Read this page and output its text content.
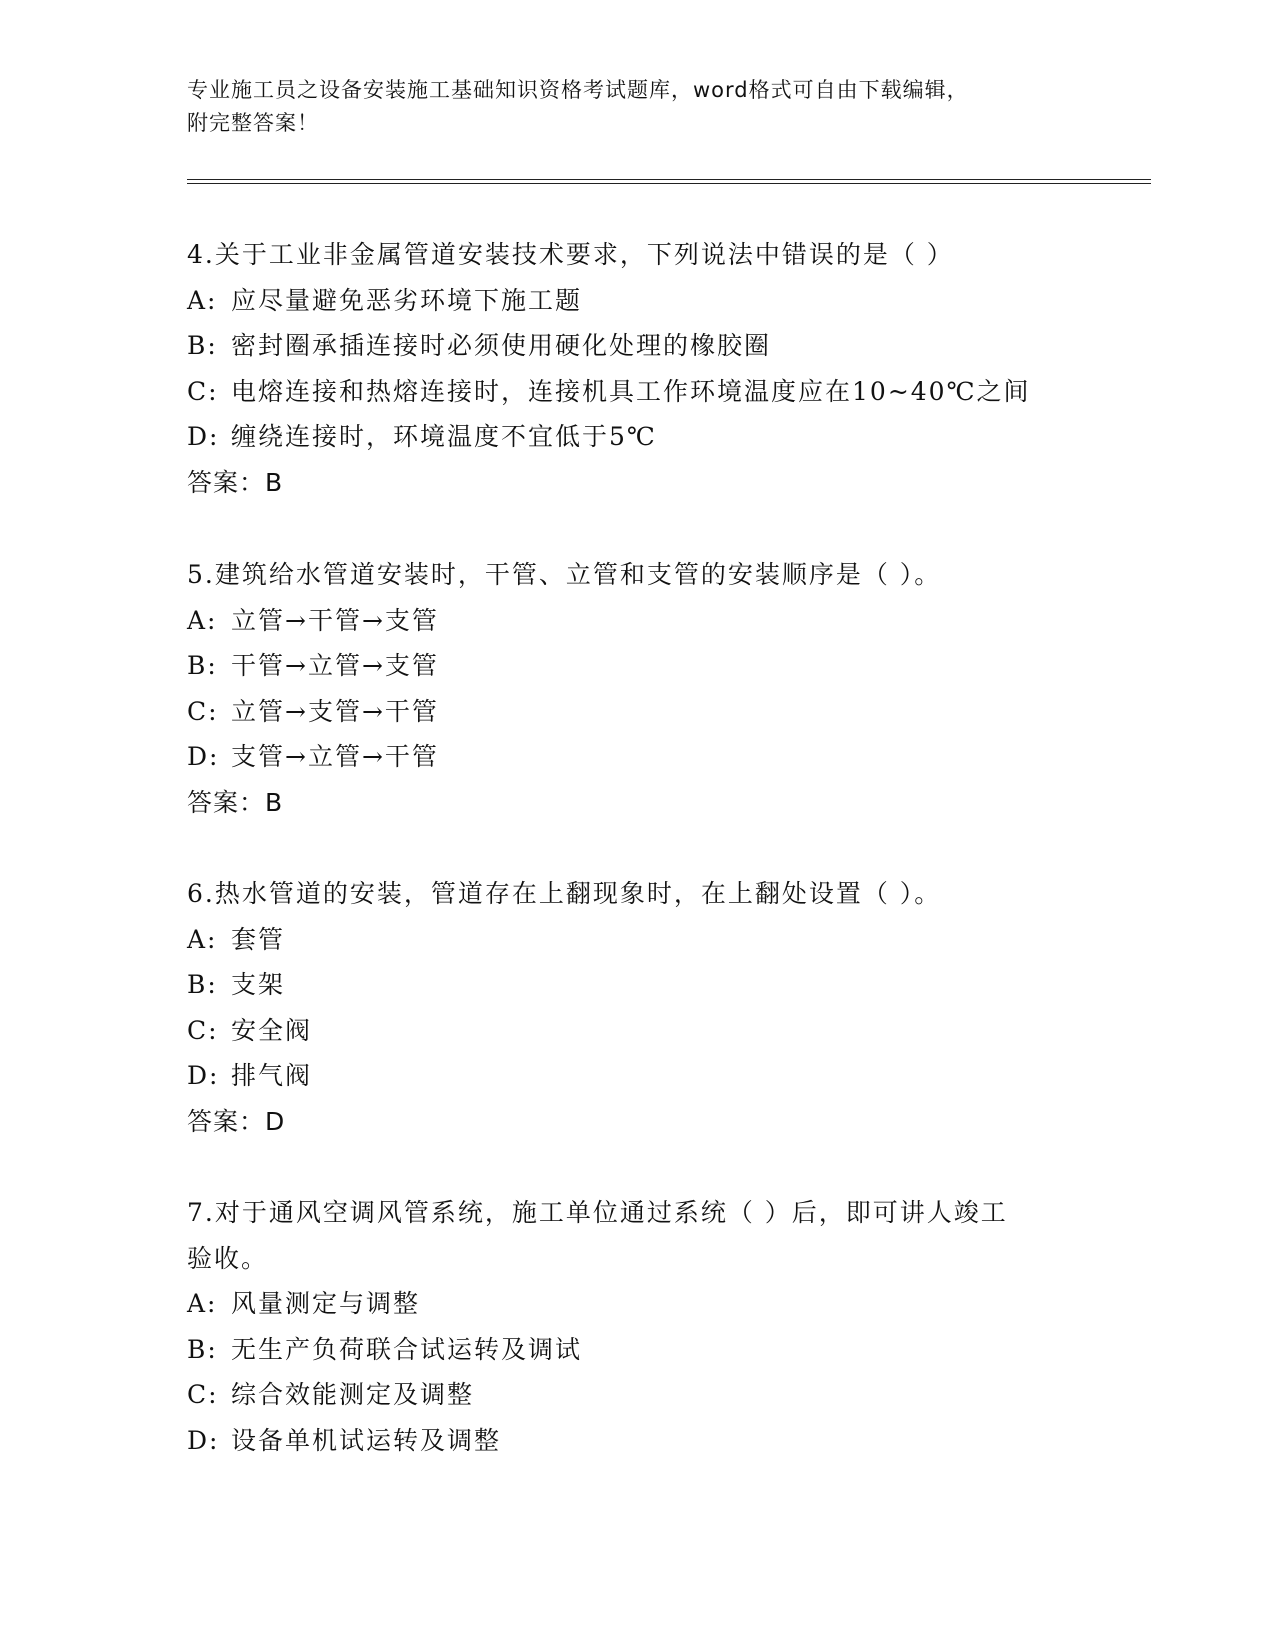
专业施工员之设备安装施工基础知识资格考试题库，word格式可自由下载编辑，
附完整答案！
4.关于工业非金属管道安装技术要求，下列说法中错误的是（ ）
A: 应尽量避免恶劣环境下施工题
B: 密封圈承插连接时必须使用硬化处理的橡胶圈
C: 电熔连接和热熔连接时，连接机具工作环境温度应在10~40℃之间
D: 缠绕连接时，环境温度不宜低于5℃
答案：B
5.建筑给水管道安装时，干管、立管和支管的安装顺序是（ ）。
A: 立管→干管→支管
B: 干管→立管→支管
C: 立管→支管→干管
D: 支管→立管→干管
答案：B
6.热水管道的安装，管道存在上翻现象时，在上翻处设置（ ）。
A: 套管
B: 支架
C: 安全阀
D: 排气阀
答案：D
7.对于通风空调风管系统，施工单位通过系统（ ）后，即可讲人竣工
验收。
A: 风量测定与调整
B: 无生产负荷联合试运转及调试
C: 综合效能测定及调整
D: 设备单机试运转及调整
